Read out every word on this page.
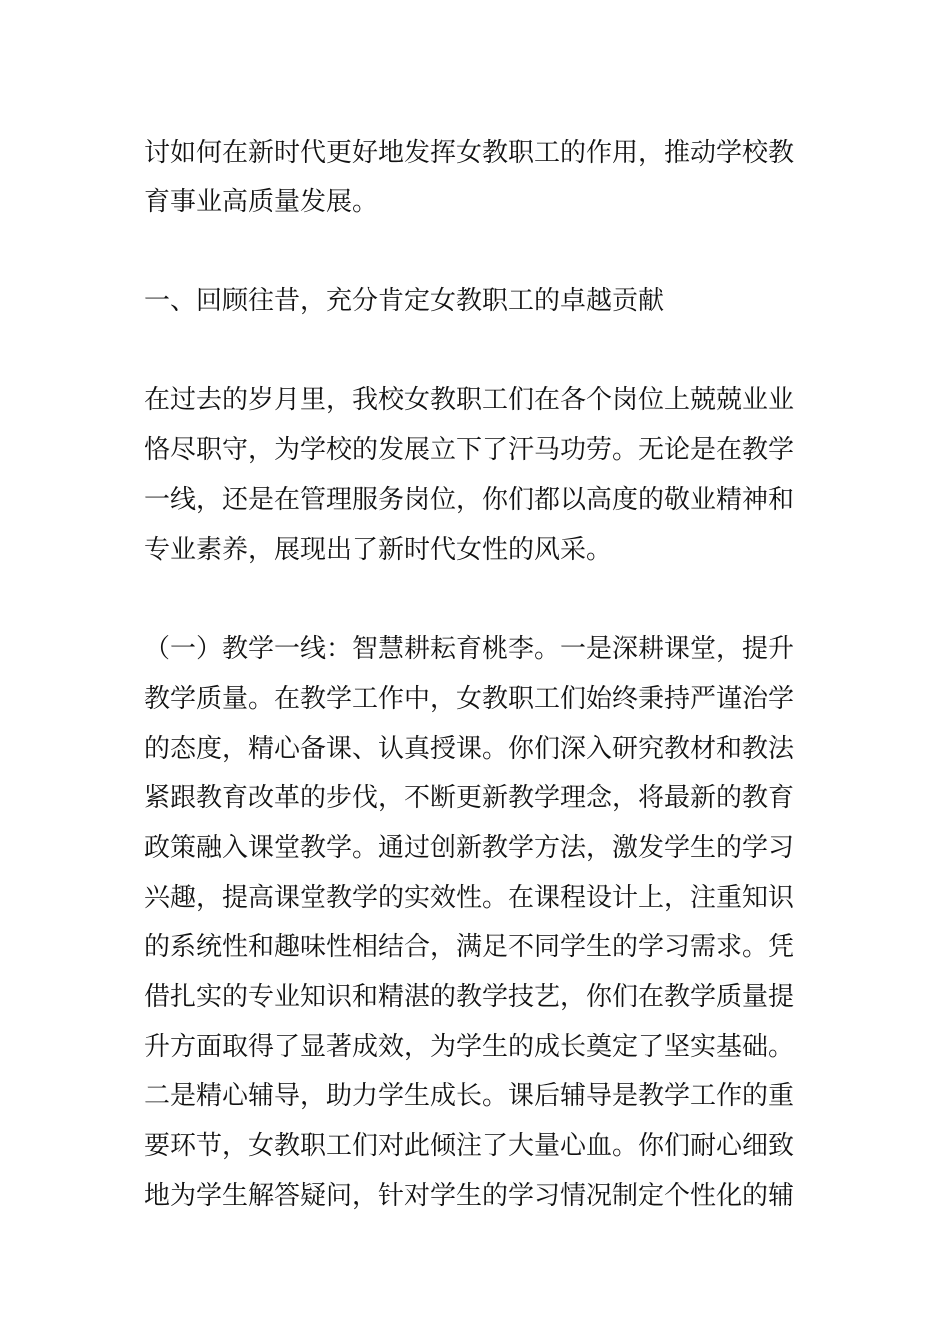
讨如何在新时代更好地发挥女教职工的作用，推动学校教
育事业高质量发展。
一、回顾往昔，充分肯定女教职工的卓越贡献
在过去的岁月里，我校女教职工们在各个岗位上兢兢业业
恪尽职守，为学校的发展立下了汗马功劳。无论是在教学
一线，还是在管理服务岗位，你们都以高度的敬业精神和
专业素养，展现出了新时代女性的风采。
（一）教学一线：智慧耕耘育桃李。一是深耕课堂，提升
教学质量。在教学工作中，女教职工们始终秉持严谨治学
的态度，精心备课、认真授课。你们深入研究教材和教法
紧跟教育改革的步伐，不断更新教学理念，将最新的教育
政策融入课堂教学。通过创新教学方法，激发学生的学习
兴趣，提高课堂教学的实效性。在课程设计上，注重知识
的系统性和趣味性相结合，满足不同学生的学习需求。凭
借扎实的专业知识和精湛的教学技艺，你们在教学质量提
升方面取得了显著成效，为学生的成长奠定了坚实基础。
二是精心辅导，助力学生成长。课后辅导是教学工作的重
要环节，女教职工们对此倾注了大量心血。你们耐心细致
地为学生解答疑问，针对学生的学习情况制定个性化的辅
